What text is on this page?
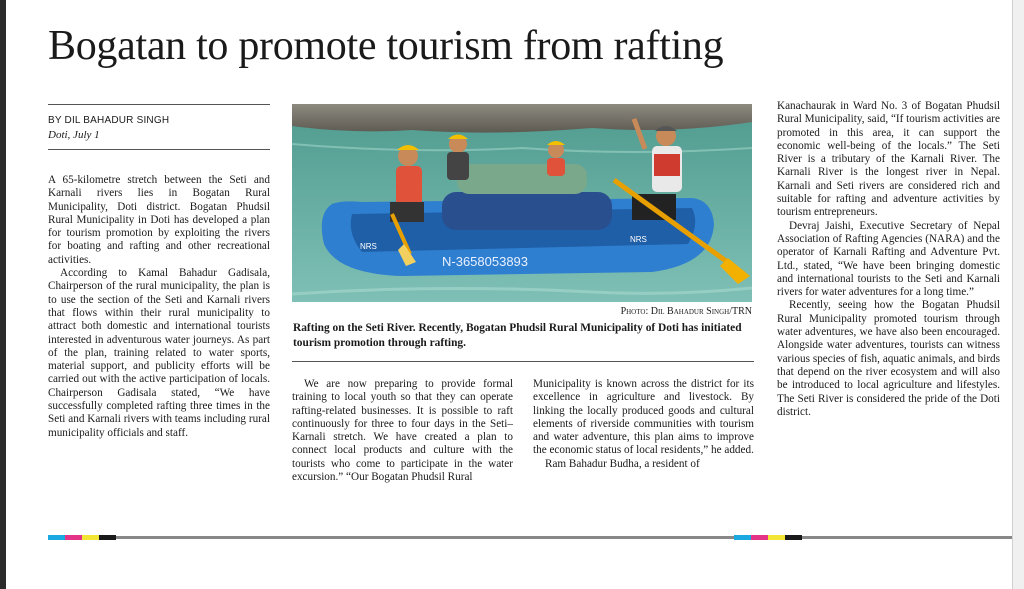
Bogatan to promote tourism from rafting
BY DIL BAHADUR SINGH
Doti, July 1

A 65-kilometre stretch between the Seti and Karnali rivers lies in Bogatan Rural Municipality, Doti district. Bogatan Phudsil Rural Municipality in Doti has developed a plan for tourism promotion by exploiting the rivers for boating and rafting and other recreational activities.

According to Kamal Bahadur Gadisala, Chairperson of the rural municipality, the plan is to use the section of the Seti and Karnali rivers that flows within their rural municipality to attract both domestic and international tourists interested in adventurous water journeys. As part of the plan, training related to water sports, material support, and publicity efforts will be carried out with the active participation of locals. Chairperson Gadisala stated, “We have successfully completed rafting three times in the Seti and Karnali rivers with teams including rural municipality officials and staff.

N-3658053893
NRS
NRS
Photo: Dil Bahadur Singh/TRN
Rafting on the Seti River. Recently, Bogatan Phudsil Rural Municipality of Doti has initiated tourism promotion through rafting.

We are now preparing to provide formal training to local youth so that they can operate rafting-related businesses. It is possible to raft continuously for three to four days in the Seti–Karnali stretch. We have created a plan to connect local products and culture with the tourists who come to participate in the water excursion.” “Our Bogatan Phudsil Rural

Municipality is known across the district for its excellence in agriculture and livestock. By linking the locally produced goods and cultural elements of riverside communities with tourism and water adventure, this plan aims to improve the economic status of local residents,” he added.

Ram Bahadur Budha, a resident of

Kanachaurak in Ward No. 3 of Bogatan Phudsil Rural Municipality, said, “If tourism activities are promoted in this area, it can support the economic well-being of the locals.” The Seti River is a tributary of the Karnali River. The Karnali River is the longest river in Nepal. Karnali and Seti rivers are considered rich and suitable for rafting and adventure activities by tourism entrepreneurs.

Devraj Jaishi, Executive Secretary of Nepal Association of Rafting Agencies (NARA) and the operator of Karnali Rafting and Adventure Pvt. Ltd., stated, “We have been bringing domestic and international tourists to the Seti and Karnali rivers for water adventures for a long time.”

Recently, seeing how the Bogatan Phudsil Rural Municipality promoted tourism through water adventures, we have also been encouraged. Alongside water adventures, tourists can witness various species of fish, aquatic animals, and birds that depend on the river ecosystem and will also be introduced to local agriculture and lifestyles. The Seti River is considered the pride of the Doti district.
